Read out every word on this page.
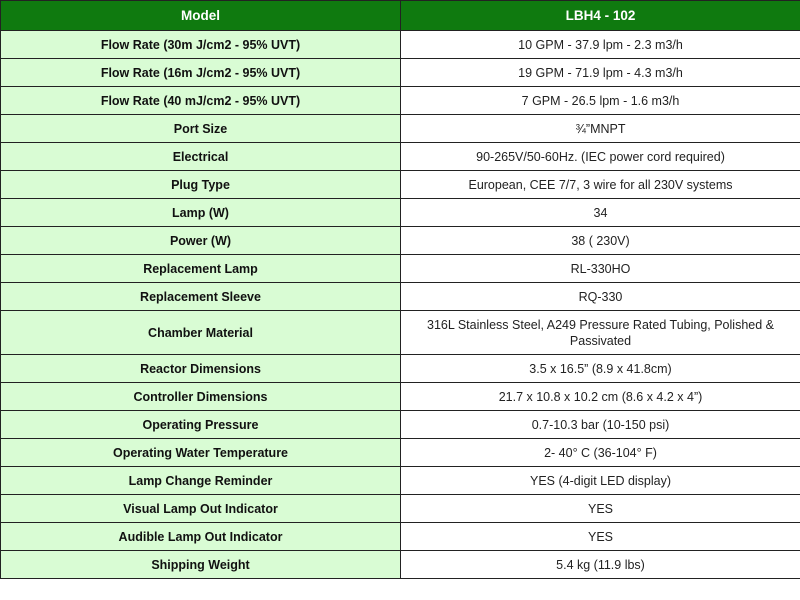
Model	LBH4 - 102
Flow Rate (30m J/cm2 - 95% UVT)	10 GPM - 37.9 lpm - 2.3 m3/h
Flow Rate (16m J/cm2 - 95% UVT)	19 GPM - 71.9 lpm - 4.3 m3/h
Flow Rate (40 mJ/cm2 - 95% UVT)	7 GPM - 26.5 lpm - 1.6 m3/h
Port Size	¾”MNPT
Electrical	90-265V/50-60Hz. (IEC power cord required)
Plug Type	European, CEE 7/7, 3 wire for all 230V systems
Lamp (W)	34
Power (W)	38 ( 230V)
Replacement Lamp	RL-330HO
Replacement Sleeve	RQ-330
Chamber Material	316L Stainless Steel, A249 Pressure Rated Tubing, Polished & Passivated
Reactor Dimensions	3.5 x 16.5” (8.9 x 41.8cm)
Controller Dimensions	21.7 x 10.8 x 10.2 cm (8.6 x 4.2 x 4”)
Operating Pressure	0.7-10.3 bar (10-150 psi)
Operating Water Temperature	2- 40° C (36-104° F)
Lamp Change Reminder	YES (4-digit LED display)
Visual Lamp Out Indicator	YES
Audible Lamp Out Indicator	YES
Shipping Weight	5.4 kg (11.9 lbs)
